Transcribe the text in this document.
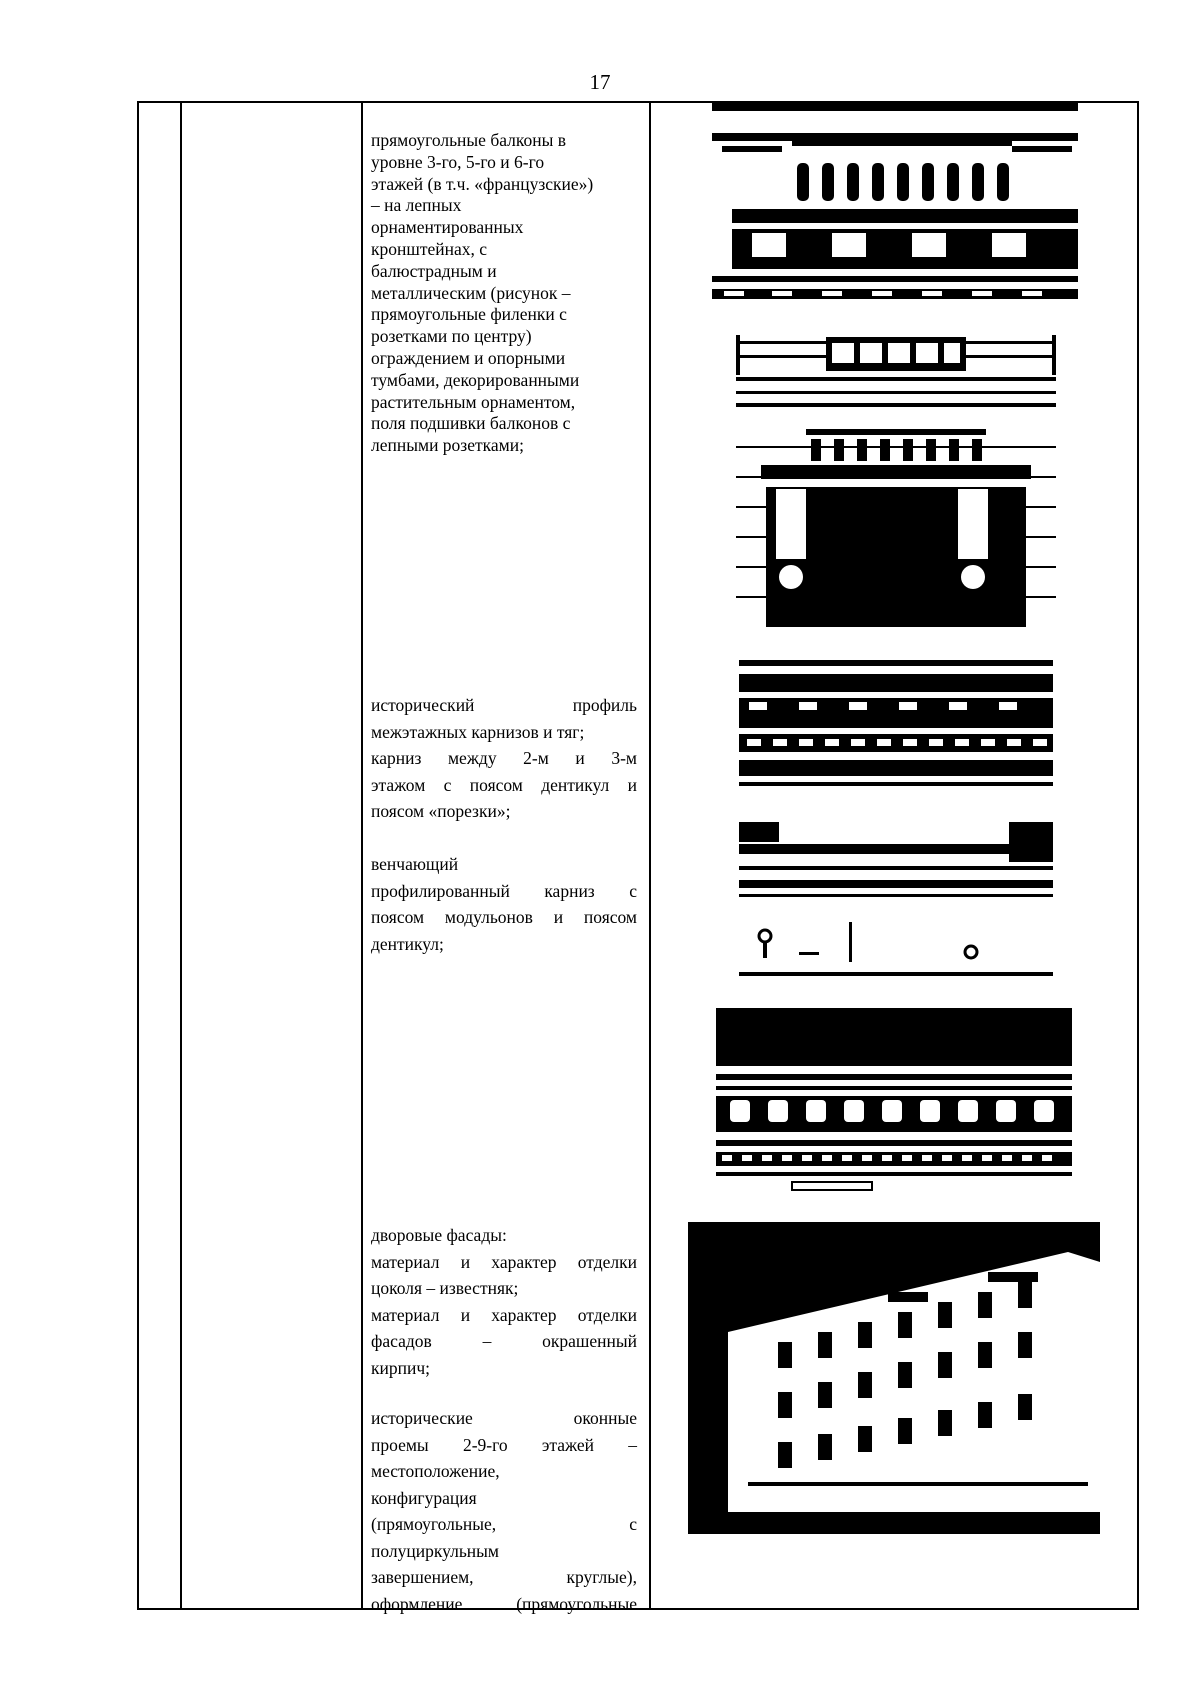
17

прямоугольные балконы в

уровне 3-го, 5-го и 6-го

этажей (в т.ч. «французские»)

– на лепных

орнаментированных

кронштейнах, с

балюстрадным и

металлическим (рисунок –

прямоугольные филенки с

розетками по центру)

ограждением и опорными

тумбами, декорированными

растительным орнаментом,

поля подшивки балконов с

лепными розетками;

исторический профиль

межэтажных карнизов и тяг;

карниз между 2-м и 3-м

этажом с поясом дентикул и

поясом «порезки»;

венчающий

профилированный карниз с

поясом модульонов и поясом

дентикул;

дворовые фасады:

материал и характер отделки

цоколя – известняк;

материал и характер отделки

фасадов – окрашенный

кирпич;

исторические оконные

проемы 2-9-го этажей –

местоположение,

конфигурация

(прямоугольные, с

полуциркульным

завершением, круглые),

оформление (прямоугольные
